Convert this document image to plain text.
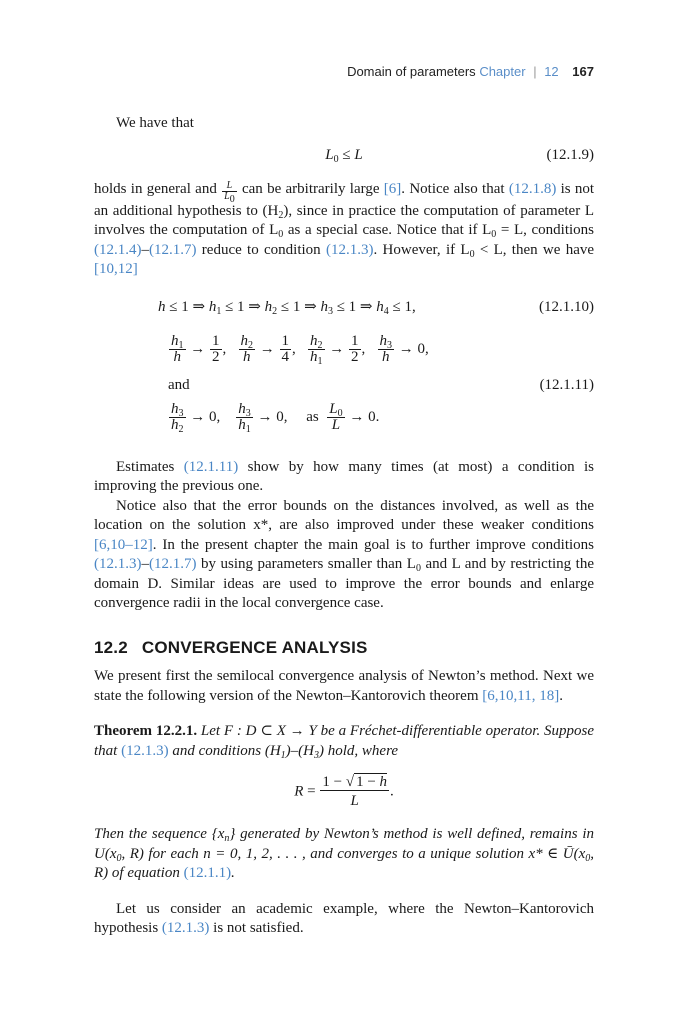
Domain of parameters Chapter | 12 167

We have that

$L_0 \le L$	(12.1.9)

holds in general and $\frac{L}{L_0}$ can be arbitrarily large [6]. Notice also that (12.1.8) is not an additional hypothesis to $(H_2)$, since in practice the computation of parameter L involves the computation of $L_0$ as a special case. Notice that if $L_0 = L$, conditions (12.1.4)–(12.1.7) reduce to condition (12.1.3). However, if $L_0 < L$, then we have [10,12]

h ≤ 1 ⇒ $h_1 \le 1$ ⇒ $h_2 \le 1$ ⇒ $h_3 \le 1$ ⇒ $h_4 \le 1$,	(12.1.10)
$\frac{h_1}{h} \to \frac{1}{2}$ , $\frac{h_2}{h} \to \frac{1}{4}$ , $\frac{h_2}{h_1} \to \frac{1}{2}$ , $\frac{h_3}{h} \to 0$,
and	(12.1.11)
$\frac{h_3}{h_2} \to 0$, $\frac{h_3}{h_1} \to 0$,     as $\frac{L_0}{L} \to 0$.

Estimates (12.1.11) show by how many times (at most) a condition is improving the previous one.

Notice also that the error bounds on the distances involved, as well as the location on the solution x*, are also improved under these weaker conditions [6,10–12]. In the present chapter the main goal is to further improve conditions (12.1.3)–(12.1.7) by using parameters smaller than $L_0$ and L and by restricting the domain D. Similar ideas are used to improve the error bounds and enlarge convergence radii in the local convergence case.

12.2 CONVERGENCE ANALYSIS

We present first the semilocal convergence analysis of Newton’s method. Next we state the following version of the Newton–Kantorovich theorem [6,10,11, 18].

Theorem 12.2.1. Let F : D ⊂ X → Y be a Fréchet-differentiable operator. Suppose that (12.1.3) and conditions $(H_1)-(H_3)$ hold, where

$R = \frac{1 - √ 1 - h}{L}$ .

Then the sequence $\{x_n\}$ generated by Newton’s method is well defined, remains in $U(x_0$, R) for each n = 0, 1, 2, . . . , and converges to a unique solution x* ∈ $Ū(x_0$, R) of equation (12.1.1).

Let us consider an academic example, where the Newton–Kantorovich hypothesis (12.1.3) is not satisfied.
